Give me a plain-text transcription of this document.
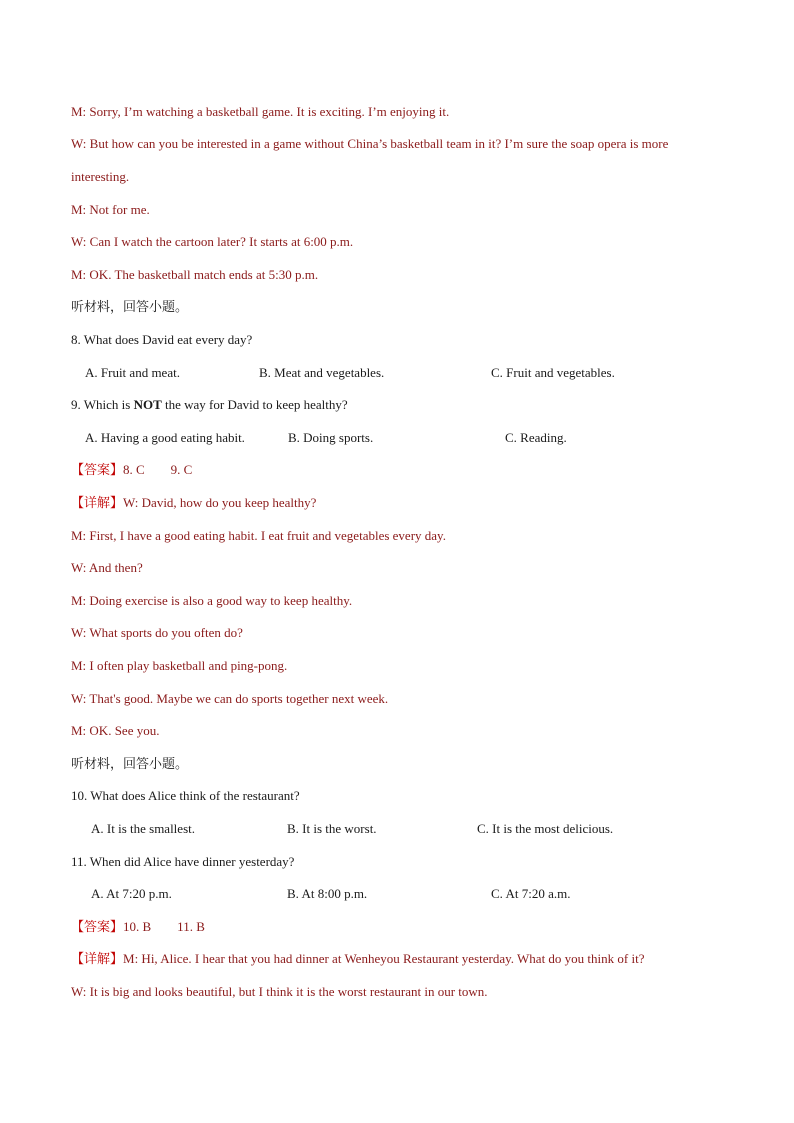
M: Sorry, I’m watching a basketball game. It is exciting. I’m enjoying it.
W: But how can you be interested in a game without China’s basketball team in it? I’m sure the soap opera is more
interesting.
M: Not for me.
W: Can I watch the cartoon later? It starts at 6:00 p.m.
M: OK. The basketball match ends at 5:30 p.m.
听材料，回答小题。
8. What does David eat every day?
A. Fruit and meat.	B. Meat and vegetables.	C. Fruit and vegetables.
9. Which is NOT the way for David to keep healthy?
A. Having a good eating habit.	B. Doing sports.	C. Reading.
【答案】8. C        9. C
【详解】W: David, how do you keep healthy?
M: First, I have a good eating habit. I eat fruit and vegetables every day.
W: And then?
M: Doing exercise is also a good way to keep healthy.
W: What sports do you often do?
M: I often play basketball and ping-pong.
W: That's good. Maybe we can do sports together next week.
M: OK. See you.
听材料，回答小题。
10. What does Alice think of the restaurant?
A. It is the smallest.	B. It is the worst.	C. It is the most delicious.
11. When did Alice have dinner yesterday?
A. At 7:20 p.m.	B. At 8:00 p.m.	C. At 7:20 a.m.
【答案】10. B        11. B
【详解】M: Hi, Alice. I hear that you had dinner at Wenheyou Restaurant yesterday. What do you think of it?
W: It is big and looks beautiful, but I think it is the worst restaurant in our town.
